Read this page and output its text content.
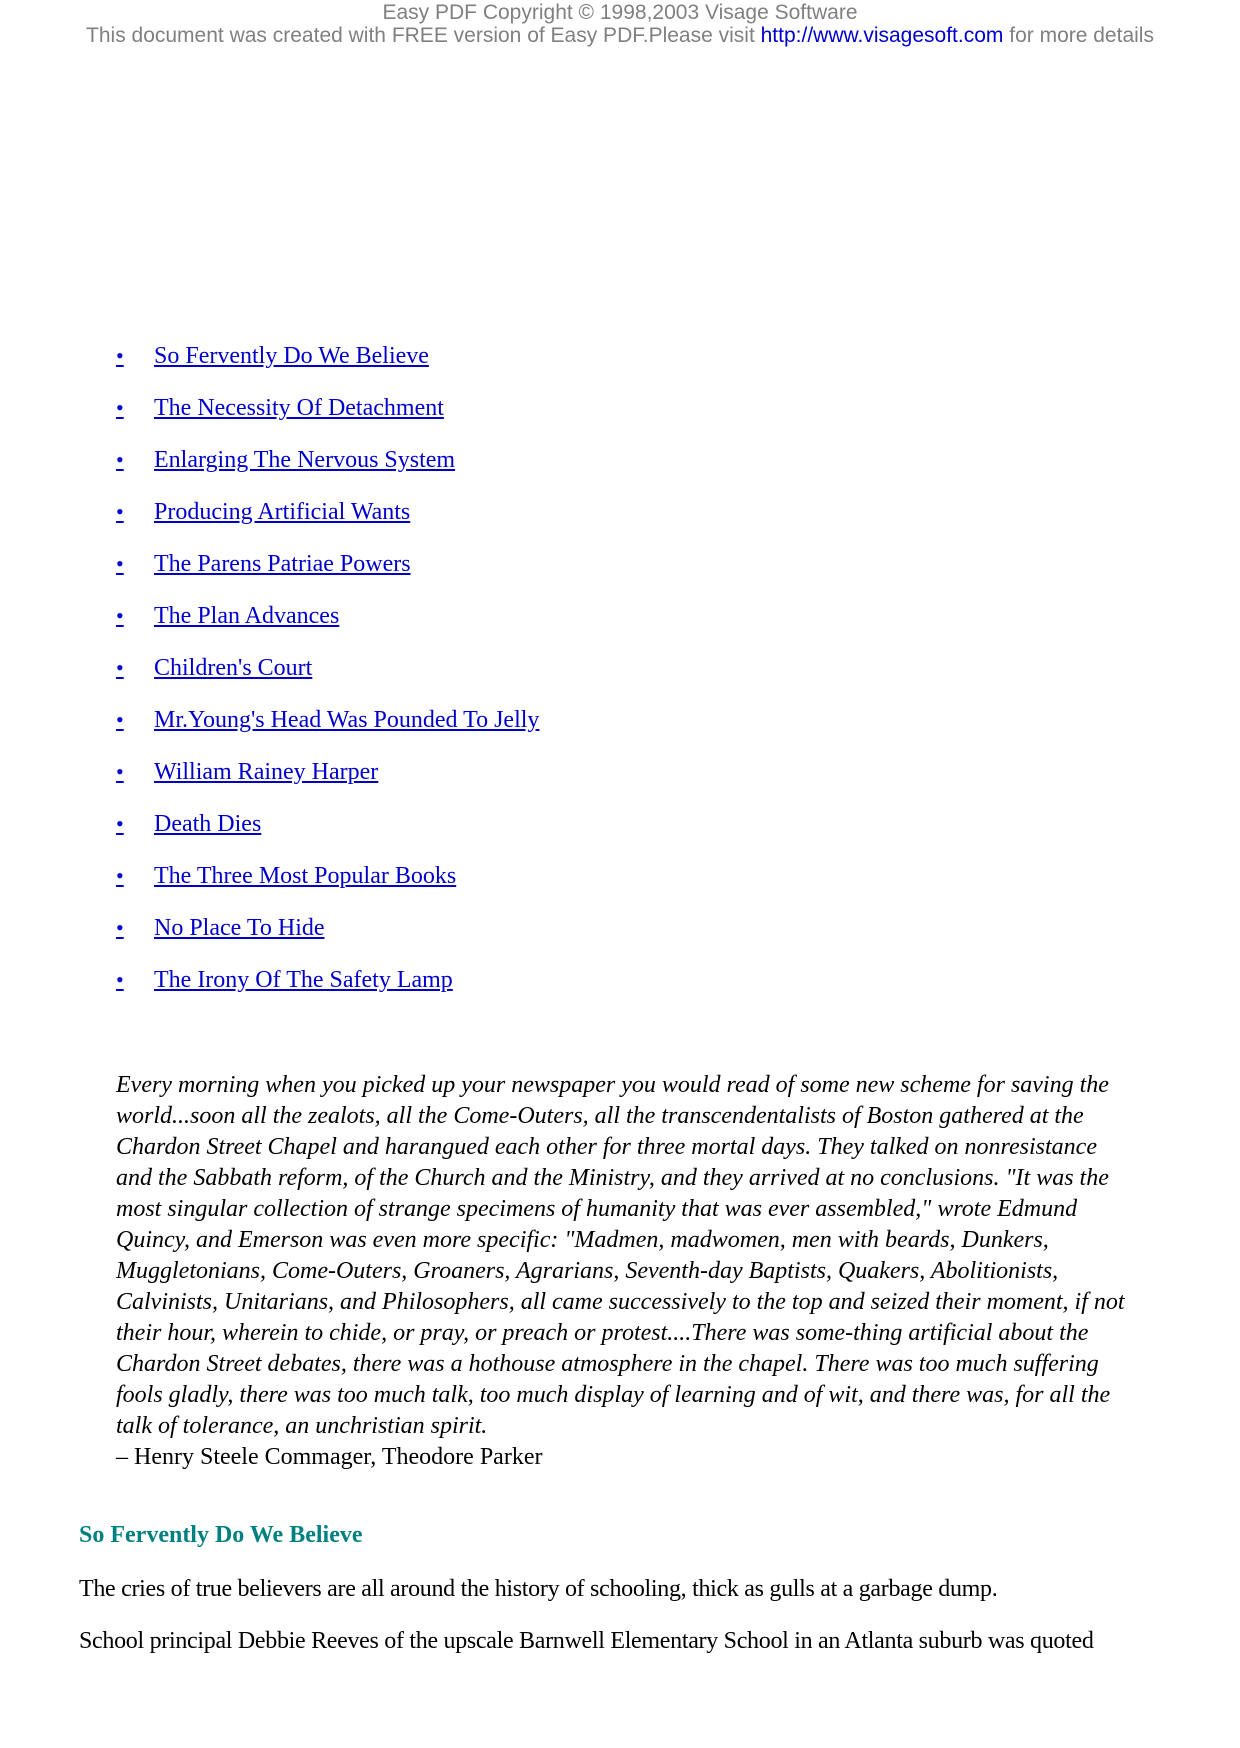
Easy PDF Copyright © 1998,2003 Visage Software
This document was created with FREE version of Easy PDF.Please visit http://www.visagesoft.com for more details
• So Fervently Do We Believe
• The Necessity Of Detachment
• Enlarging The Nervous System
• Producing Artificial Wants
• The Parens Patriae Powers
• The Plan Advances
• Children's Court
• Mr.Young's Head Was Pounded To Jelly
• William Rainey Harper
• Death Dies
• The Three Most Popular Books
• No Place To Hide
• The Irony Of The Safety Lamp

Every morning when you picked up your newspaper you would read of some new scheme for saving the world...soon all the zealots, all the Come-Outers, all the transcendentalists of Boston gathered at the Chardon Street Chapel and harangued each other for three mortal days. They talked on nonresistance and the Sabbath reform, of the Church and the Ministry, and they arrived at no conclusions. "It was the most singular collection of strange specimens of humanity that was ever assembled," wrote Edmund Quincy, and Emerson was even more specific: "Madmen, madwomen, men with beards, Dunkers, Muggletonians, Come-Outers, Groaners, Agrarians, Seventh-day Baptists, Quakers, Abolitionists, Calvinists, Unitarians, and Philosophers, all came successively to the top and seized their moment, if not their hour, wherein to chide, or pray, or preach or protest....There was some-thing artificial about the Chardon Street debates, there was a hothouse atmosphere in the chapel. There was too much suffering fools gladly, there was too much talk, too much display of learning and of wit, and there was, for all the talk of tolerance, an unchristian spirit.

– Henry Steele Commager, Theodore Parker

So Fervently Do We Believe

The cries of true believers are all around the history of schooling, thick as gulls at a garbage dump.

School principal Debbie Reeves of the upscale Barnwell Elementary School in an Atlanta suburb was quoted
